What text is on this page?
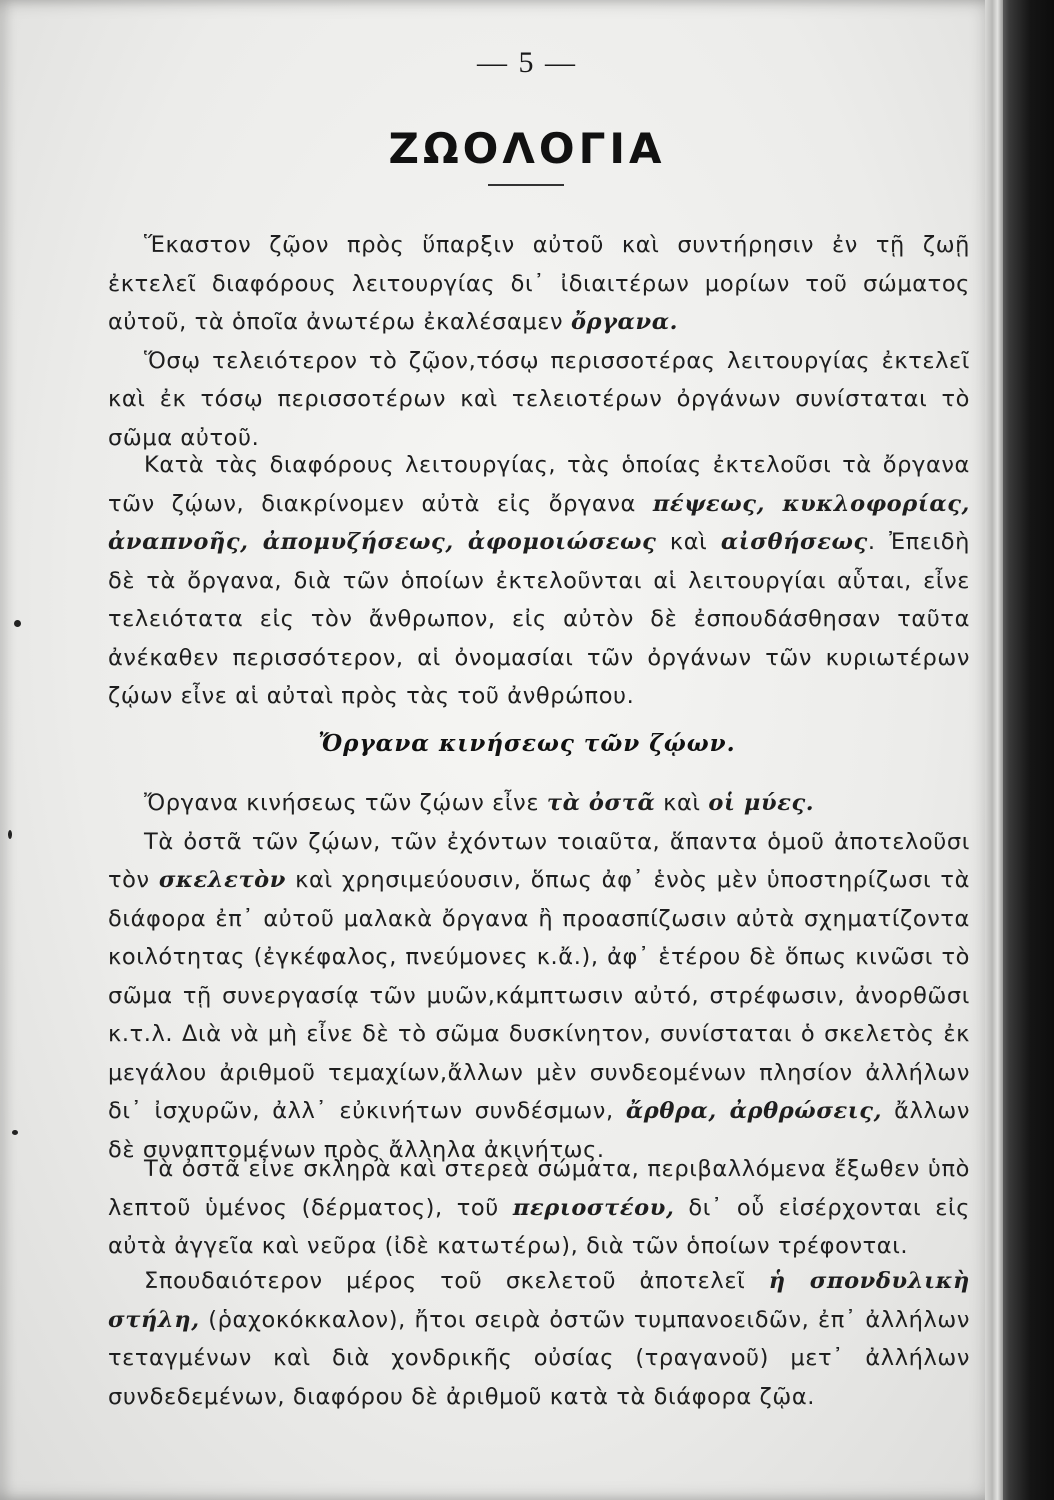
— 5 —
ΖΩΟΛΟΓΙΑ

Ἕκαστον ζῷον πρὸς ὕπαρξιν αὐτοῦ καὶ συντήρησιν ἐν τῇ ζωῇ ἐκτελεῖ διαφόρους λειτουργίας δι᾽ ἰδιαιτέρων μορίων τοῦ σώματος αὐτοῦ, τὰ ὁποῖα ἀνωτέρω ἐκαλέσαμεν ὄργανα.

Ὅσῳ τελειότερον τὸ ζῷον,τόσῳ περισσοτέρας λειτουργίας ἐκτελεῖ καὶ ἐκ τόσῳ περισσοτέρων καὶ τελειοτέρων ὀργάνων συνίσταται τὸ σῶμα αὐτοῦ.

Κατὰ τὰς διαφόρους λειτουργίας, τὰς ὁποίας ἐκτελοῦσι τὰ ὄργανα τῶν ζῴων, διακρίνομεν αὐτὰ εἰς ὄργανα πέψεως, κυκλοφορίας, ἀναπνοῆς, ἀπομυζήσεως, ἀφομοιώσεως καὶ αἰσθήσεως. Ἐπειδὴ δὲ τὰ ὄργανα, διὰ τῶν ὁποίων ἐκτελοῦνται αἱ λειτουργίαι αὗται, εἶνε τελειότατα εἰς τὸν ἄνθρωπον, εἰς αὐτὸν δὲ ἐσπουδάσθησαν ταῦτα ἀνέκαθεν περισσότερον, αἱ ὀνομασίαι τῶν ὀργάνων τῶν κυριωτέρων ζῴων εἶνε αἱ αὐταὶ πρὸς τὰς τοῦ ἀνθρώπου.

Ὄργανα κινήσεως τῶν ζῴων.

Ὄργανα κινήσεως τῶν ζῴων εἶνε τὰ ὀστᾶ καὶ οἱ μύες.

Τὰ ὀστᾶ τῶν ζῴων, τῶν ἐχόντων τοιαῦτα, ἅπαντα ὁμοῦ ἀποτελοῦσι τὸν σκελετὸν καὶ χρησιμεύουσιν, ὅπως ἀφ᾽ ἑνὸς μὲν ὑποστηρίζωσι τὰ διάφορα ἐπ᾽ αὐτοῦ μαλακὰ ὄργανα ἢ προασπίζωσιν αὐτὰ σχηματίζοντα κοιλότητας (ἐγκέφαλος, πνεύμονες κ.ἄ.), ἀφ᾽ ἑτέρου δὲ ὅπως κινῶσι τὸ σῶμα τῇ συνεργασίᾳ τῶν μυῶν,κάμπτωσιν αὐτό, στρέφωσιν, ἀνορθῶσι κ.τ.λ. Διὰ νὰ μὴ εἶνε δὲ τὸ σῶμα δυσκίνητον, συνίσταται ὁ σκελετὸς ἐκ μεγάλου ἀριθμοῦ τεμαχίων,ἄλλων μὲν συνδεομένων πλησίον ἀλλήλων δι᾽ ἰσχυρῶν, ἀλλ᾽ εὐκινήτων συνδέσμων, ἄρθρα, ἀρθρώσεις, ἄλλων δὲ συναπτομένων πρὸς ἄλληλα ἀκινήτως.

Τὰ ὀστᾶ εἶνε σκληρὰ καὶ στερεὰ σώματα, περιβαλλόμενα ἔξωθεν ὑπὸ λεπτοῦ ὑμένος (δέρματος), τοῦ περιοστέου, δι᾽ οὗ εἰσέρχονται εἰς αὐτὰ ἀγγεῖα καὶ νεῦρα (ἰδὲ κατωτέρω), διὰ τῶν ὁποίων τρέφονται.

Σπουδαιότερον μέρος τοῦ σκελετοῦ ἀποτελεῖ ἡ σπονδυλικὴ στήλη, (ῥαχοκόκκαλον), ἤτοι σειρὰ ὀστῶν τυμπανοειδῶν, ἐπ᾽ ἀλλήλων τεταγμένων καὶ διὰ χονδρικῆς οὐσίας (τραγανοῦ) μετ᾽ ἀλλήλων συνδεδεμένων, διαφόρου δὲ ἀριθμοῦ κατὰ τὰ διάφορα ζῷα.
